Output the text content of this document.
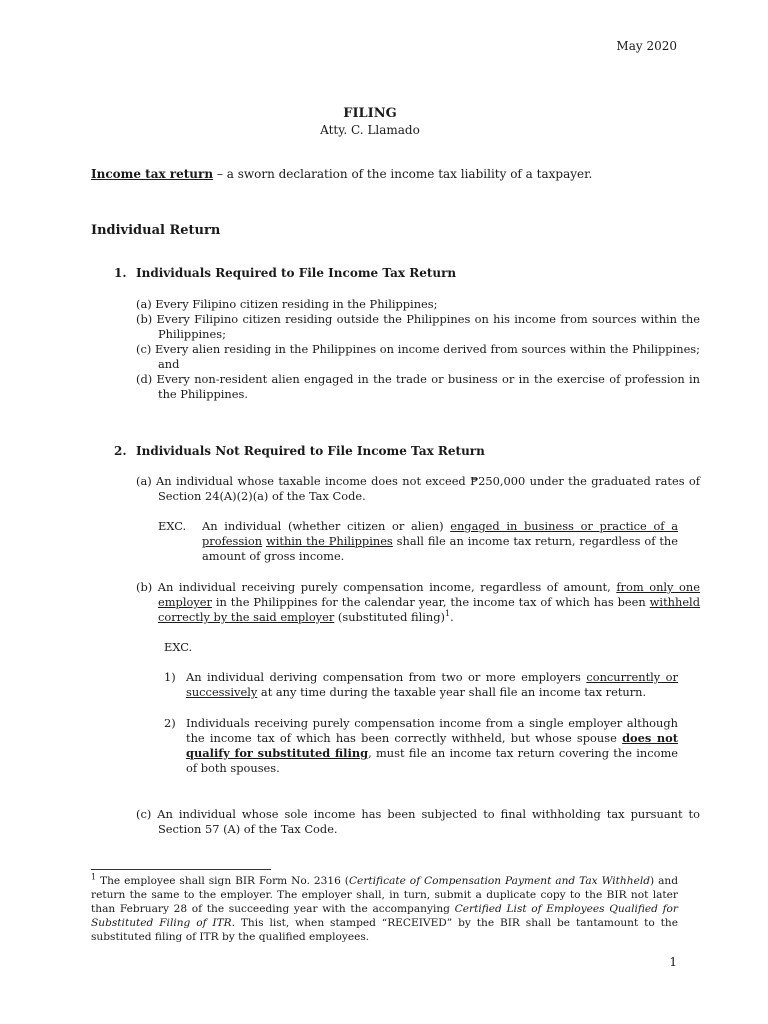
May 2020
FILING
Atty. C. Llamado
Income tax return – a sworn declaration of the income tax liability of a taxpayer.
Individual Return
1. Individuals Required to File Income Tax Return
(a) Every Filipino citizen residing in the Philippines;
(b) Every Filipino citizen residing outside the Philippines on his income from sources within the Philippines;
(c) Every alien residing in the Philippines on income derived from sources within the Philippines; and
(d) Every non-resident alien engaged in the trade or business or in the exercise of profession in the Philippines.
2. Individuals Not Required to File Income Tax Return
(a) An individual whose taxable income does not exceed ₱250,000 under the graduated rates of Section 24(A)(2)(a) of the Tax Code.
EXC.	An individual (whether citizen or alien) engaged in business or practice of a profession within the Philippines shall file an income tax return, regardless of the amount of gross income.
(b) An individual receiving purely compensation income, regardless of amount, from only one employer in the Philippines for the calendar year, the income tax of which has been withheld correctly by the said employer (substituted filing)$^1$.
EXC.
1) An individual deriving compensation from two or more employers concurrently or successively at any time during the taxable year shall file an income tax return.
2) Individuals receiving purely compensation income from a single employer although the income tax of which has been correctly withheld, but whose spouse does not qualify for substituted filing, must file an income tax return covering the income of both spouses.
(c) An individual whose sole income has been subjected to final withholding tax pursuant to Section 57 (A) of the Tax Code.
$^1$ The employee shall sign BIR Form No. 2316 (Certificate of Compensation Payment and Tax Withheld) and return the same to the employer. The employer shall, in turn, submit a duplicate copy to the BIR not later than February 28 of the succeeding year with the accompanying Certified List of Employees Qualified for Substituted Filing of ITR. This list, when stamped “RECEIVED” by the BIR shall be tantamount to the substituted filing of ITR by the qualified employees.
1
